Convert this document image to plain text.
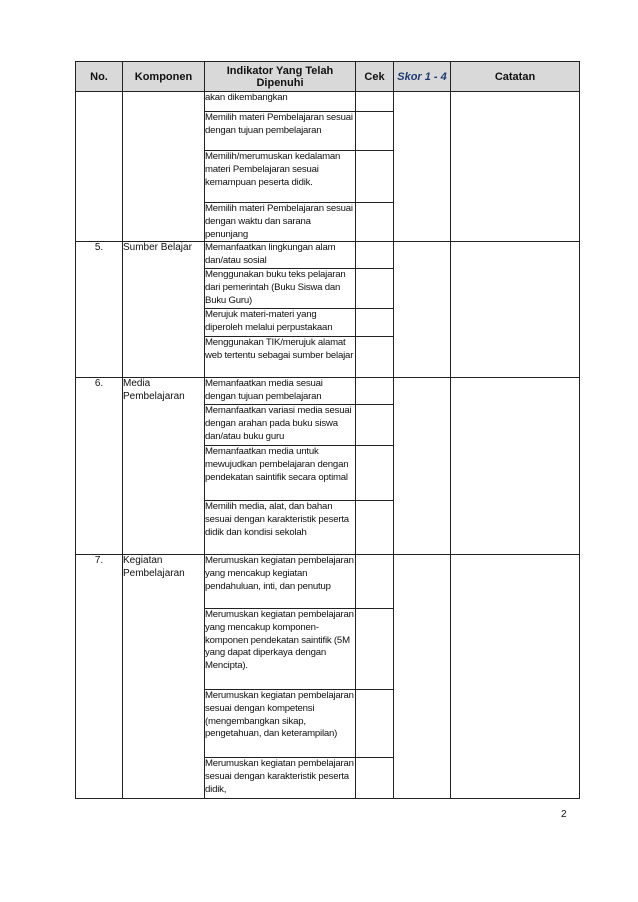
No.	Komponen	Indikator Yang Telah Dipenuhi	Cek	Skor 1 - 4	Catatan
		akan dikembangkan			
		Memilih materi Pembelajaran sesuai dengan tujuan pembelajaran			
		Memilih/merumuskan kedalaman materi Pembelajaran sesuai kemampuan peserta didik.			
		Memilih materi Pembelajaran sesuai dengan waktu dan sarana penunjang			
5.	Sumber Belajar	Memanfaatkan lingkungan alam dan/atau sosial			
		Menggunakan buku teks pelajaran dari pemerintah (Buku Siswa dan Buku Guru)			
		Merujuk materi-materi yang diperoleh melalui perpustakaan			
		Menggunakan TIK/merujuk alamat web tertentu sebagai sumber belajar			
6.	Media Pembelajaran	Memanfaatkan media sesuai dengan tujuan pembelajaran			
		Memanfaatkan variasi media sesuai dengan arahan pada buku siswa dan/atau buku guru			
		Memanfaatkan media untuk mewujudkan pembelajaran dengan pendekatan saintifik secara optimal			
		Memilih media, alat, dan bahan sesuai dengan karakteristik peserta didik dan kondisi sekolah			
7.	Kegiatan Pembelajaran	Merumuskan kegiatan pembelajaran yang mencakup kegiatan pendahuluan, inti, dan penutup			
		Merumuskan kegiatan pembelajaran yang mencakup komponen-komponen pendekatan saintifik (5M yang dapat diperkaya dengan Mencipta).			
		Merumuskan kegiatan pembelajaran sesuai dengan kompetensi (mengembangkan sikap, pengetahuan, dan keterampilan)			
		Merumuskan kegiatan pembelajaran sesuai dengan karakteristik peserta didik,			
2
